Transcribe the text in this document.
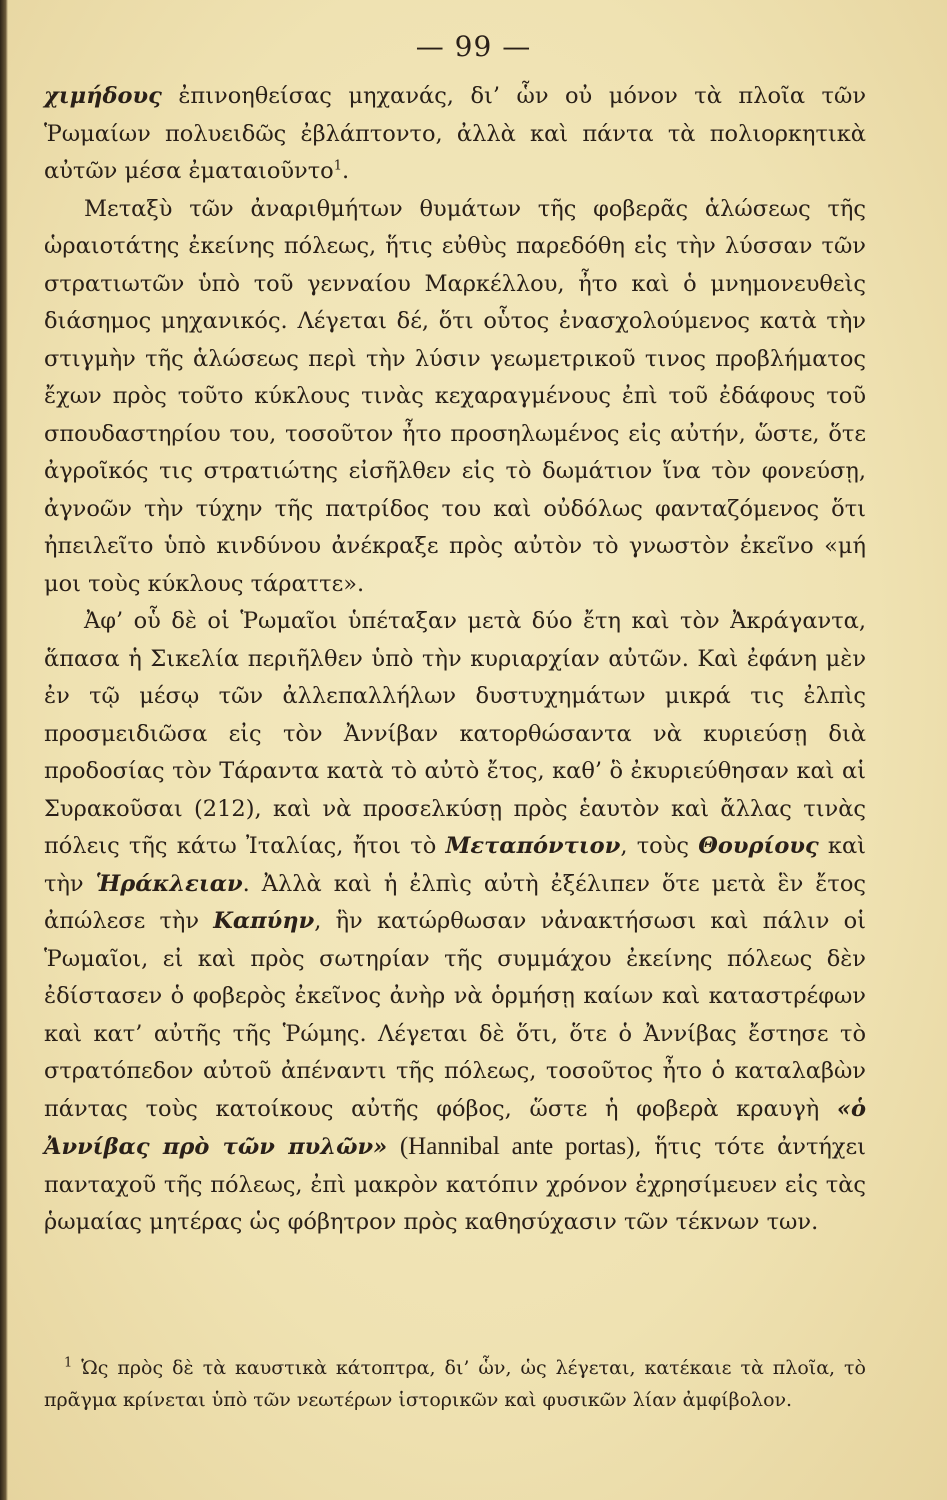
— 99 —

χιμήδους ἐπινοηθείσας μηχανάς, δι’ ὧν οὐ μόνον τὰ πλοῖα τῶν Ῥωμαίων πολυειδῶς ἐβλάπτοντο, ἀλλὰ καὶ πάντα τὰ πολιορκητικὰ αὐτῶν μέσα ἐματαιοῦντο$^1$.

Μεταξὺ τῶν ἀναριθμήτων θυμάτων τῆς φοβερᾶς ἁλώσεως τῆς ὡραιοτάτης ἐκείνης πόλεως, ἥτις εὐθὺς παρεδόθη εἰς τὴν λύσσαν τῶν στρατιωτῶν ὑπὸ τοῦ γενναίου Μαρκέλλου, ἦτο καὶ ὁ μνημονευθεὶς διάσημος μηχανικός. Λέγεται δέ, ὅτι οὗτος ἐνασχολούμενος κατὰ τὴν στιγμὴν τῆς ἁλώσεως περὶ τὴν λύσιν γεωμετρικοῦ τινος προβλήματος ἔχων πρὸς τοῦτο κύκλους τινὰς κεχαραγμένους ἐπὶ τοῦ ἐδάφους τοῦ σπουδαστηρίου του, τοσοῦτον ἦτο προσηλωμένος εἰς αὐτήν, ὥστε, ὅτε ἀγροῖκός τις στρατιώτης εἰσῆλθεν εἰς τὸ δωμάτιον ἵνα τὸν φονεύσῃ, ἀγνοῶν τὴν τύχην τῆς πατρίδος του καὶ οὐδόλως φανταζόμενος ὅτι ἠπειλεῖτο ὑπὸ κινδύνου ἀνέκραξε πρὸς αὐτὸν τὸ γνωστὸν ἐκεῖνο «μή μοι τοὺς κύκλους τάραττε».

Ἀφ’ οὗ δὲ οἱ Ῥωμαῖοι ὑπέταξαν μετὰ δύο ἔτη καὶ τὸν Ἀκράγαντα, ἅπασα ἡ Σικελία περιῆλθεν ὑπὸ τὴν κυριαρχίαν αὐτῶν. Καὶ ἐφάνη μὲν ἐν τῷ μέσῳ τῶν ἀλλεπαλλήλων δυστυχημάτων μικρά τις ἐλπὶς προσμειδιῶσα εἰς τὸν Ἀννίβαν κατορθώσαντα νὰ κυριεύσῃ διὰ προδοσίας τὸν Τάραντα κατὰ τὸ αὐτὸ ἔτος, καθ’ ὃ ἐκυριεύθησαν καὶ αἱ Συρακοῦσαι (212), καὶ νὰ προσελκύσῃ πρὸς ἑαυτὸν καὶ ἄλλας τινὰς πόλεις τῆς κάτω Ἰταλίας, ἤτοι τὸ Μεταπόντιον, τοὺς Θουρίους καὶ τὴν Ἡράκλειαν. Ἀλλὰ καὶ ἡ ἐλπὶς αὐτὴ ἐξέλιπεν ὅτε μετὰ ἓν ἔτος ἀπώλεσε τὴν Καπύην, ἣν κατώρθωσαν νἀνακτήσωσι καὶ πάλιν οἱ Ῥωμαῖοι, εἰ καὶ πρὸς σωτηρίαν τῆς συμμάχου ἐκείνης πόλεως δὲν ἐδίστασεν ὁ φοβερὸς ἐκεῖνος ἀνὴρ νὰ ὁρμήσῃ καίων καὶ καταστρέφων καὶ κατ’ αὐτῆς τῆς Ῥώμης. Λέγεται δὲ ὅτι, ὅτε ὁ Ἀννίβας ἔστησε τὸ στρατόπεδον αὐτοῦ ἀπέναντι τῆς πόλεως, τοσοῦτος ἦτο ὁ καταλαβὼν πάντας τοὺς κατοίκους αὐτῆς φόβος, ὥστε ἡ φοβερὰ κραυγὴ «ὁ Ἀννίβας πρὸ τῶν πυλῶν» (Hannibal ante portas), ἥτις τότε ἀντήχει πανταχοῦ τῆς πόλεως, ἐπὶ μακρὸν κατόπιν χρόνον ἐχρησίμευεν εἰς τὰς ῥωμαίας μητέρας ὡς φόβητρον πρὸς καθησύχασιν τῶν τέκνων των.

$^1$ Ὡς πρὸς δὲ τὰ καυστικὰ κάτοπτρα, δι’ ὧν, ὡς λέγεται, κατέκαιε τὰ πλοῖα, τὸ πρᾶγμα κρίνεται ὑπὸ τῶν νεωτέρων ἱστορικῶν καὶ φυσικῶν λίαν ἀμφίβολον.
